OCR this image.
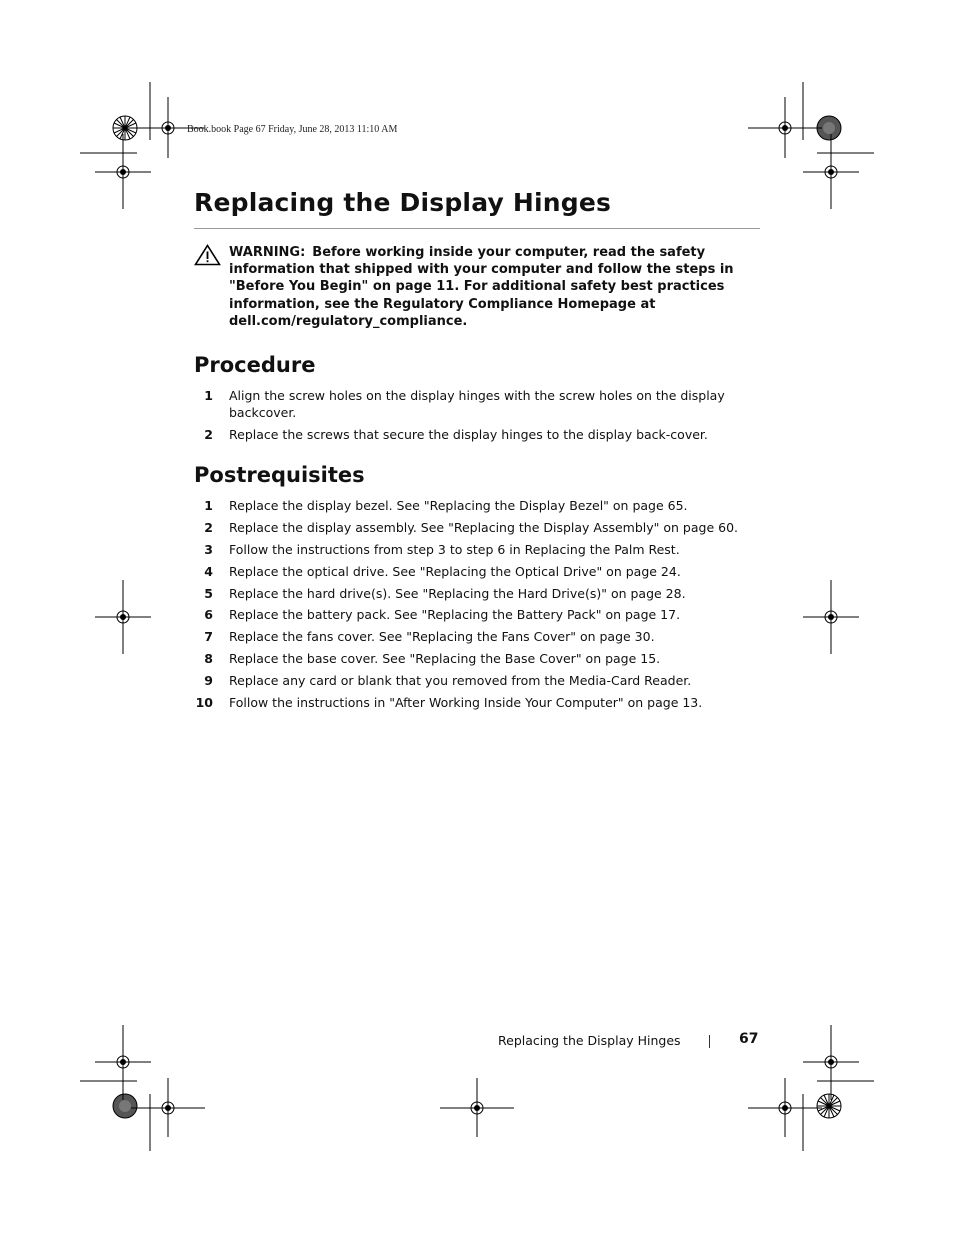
Book.book Page 67 Friday, June 28, 2013 11:10 AM
Replacing the Display Hinges
WARNING: Before working inside your computer, read the safety information that shipped with your computer and follow the steps in "Before You Begin" on page 11. For additional safety best practices information, see the Regulatory Compliance Homepage at dell.com/regulatory_compliance.
Procedure
1 Align the screw holes on the display hinges with the screw holes on the display backcover.
2 Replace the screws that secure the display hinges to the display back-cover.
Postrequisites
1 Replace the display bezel. See "Replacing the Display Bezel" on page 65.
2 Replace the display assembly. See "Replacing the Display Assembly" on page 60.
3 Follow the instructions from step 3 to step 6 in Replacing the Palm Rest.
4 Replace the optical drive. See "Replacing the Optical Drive" on page 24.
5 Replace the hard drive(s). See "Replacing the Hard Drive(s)" on page 28.
6 Replace the battery pack. See "Replacing the Battery Pack" on page 17.
7 Replace the fans cover. See "Replacing the Fans Cover" on page 30.
8 Replace the base cover. See "Replacing the Base Cover" on page 15.
9 Replace any card or blank that you removed from the Media-Card Reader.
10 Follow the instructions in "After Working Inside Your Computer" on page 13.
Replacing the Display Hinges	67
